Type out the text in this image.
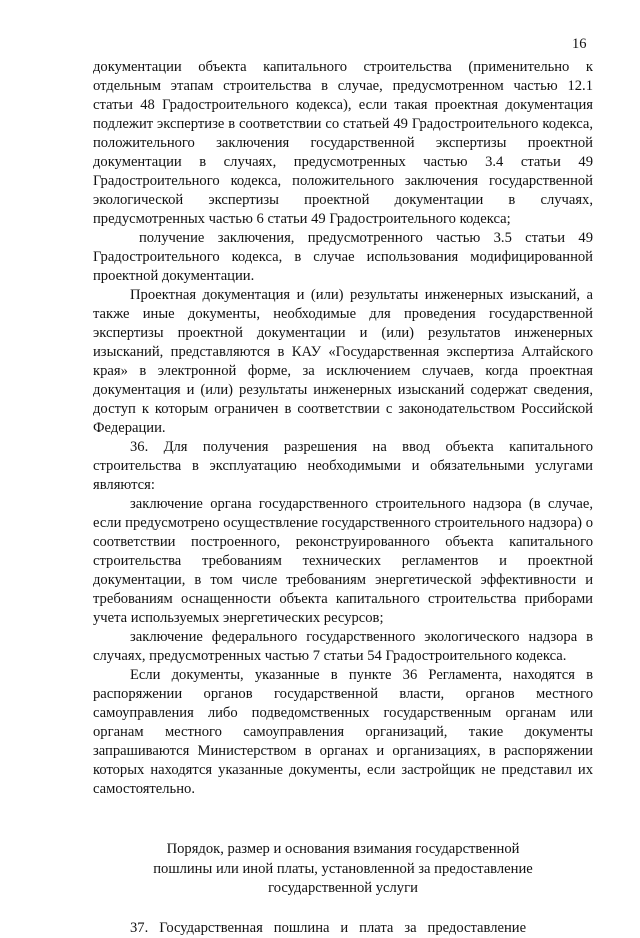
16

документации объекта капитального строительства (применительно к отдельным этапам строительства в случае, предусмотренном частью 12.1 статьи 48 Градостроительного кодекса), если такая проектная документация подлежит экспертизе в соответствии со статьей 49 Градостроительного кодекса, положительного заключения государственной экспертизы проектной документации в случаях, предусмотренных частью 3.4 статьи 49 Градостроительного кодекса, положительного заключения государственной экологической экспертизы проектной документации в случаях, предусмотренных частью 6 статьи 49 Градостроительного кодекса;

получение заключения, предусмотренного частью 3.5 статьи 49 Градостроительного кодекса, в случае использования модифицированной проектной документации.

Проектная документация и (или) результаты инженерных изысканий, а также иные документы, необходимые для проведения государственной экспертизы проектной документации и (или) результатов инженерных изысканий, представляются в КАУ «Государственная экспертиза Алтайского края» в электронной форме, за исключением случаев, когда проектная документация и (или) результаты инженерных изысканий содержат сведения, доступ к которым ограничен в соответствии с законодательством Российской Федерации.

36. Для получения разрешения на ввод объекта капитального строительства в эксплуатацию необходимыми и обязательными услугами являются:

заключение органа государственного строительного надзора (в случае, если предусмотрено осуществление государственного строительного надзора) о соответствии построенного, реконструированного объекта капитального строительства требованиям технических регламентов и проектной документации, в том числе требованиям энергетической эффективности и требованиям оснащенности объекта капитального строительства приборами учета используемых энергетических ресурсов;

заключение федерального государственного экологического надзора в случаях, предусмотренных частью 7 статьи 54 Градостроительного кодекса.

Если документы, указанные в пункте 36 Регламента, находятся в распоряжении органов государственной власти, органов местного самоуправления либо подведомственных государственным органам или органам местного самоуправления организаций, такие документы запрашиваются Министерством в органах и организациях, в распоряжении которых находятся указанные документы, если застройщик не представил их самостоятельно.

Порядок, размер и основания взимания государственной
пошлины или иной платы, установленной за предоставление
государственной услуги

37.   Государственная   пошлина   и   плата   за   предоставление
